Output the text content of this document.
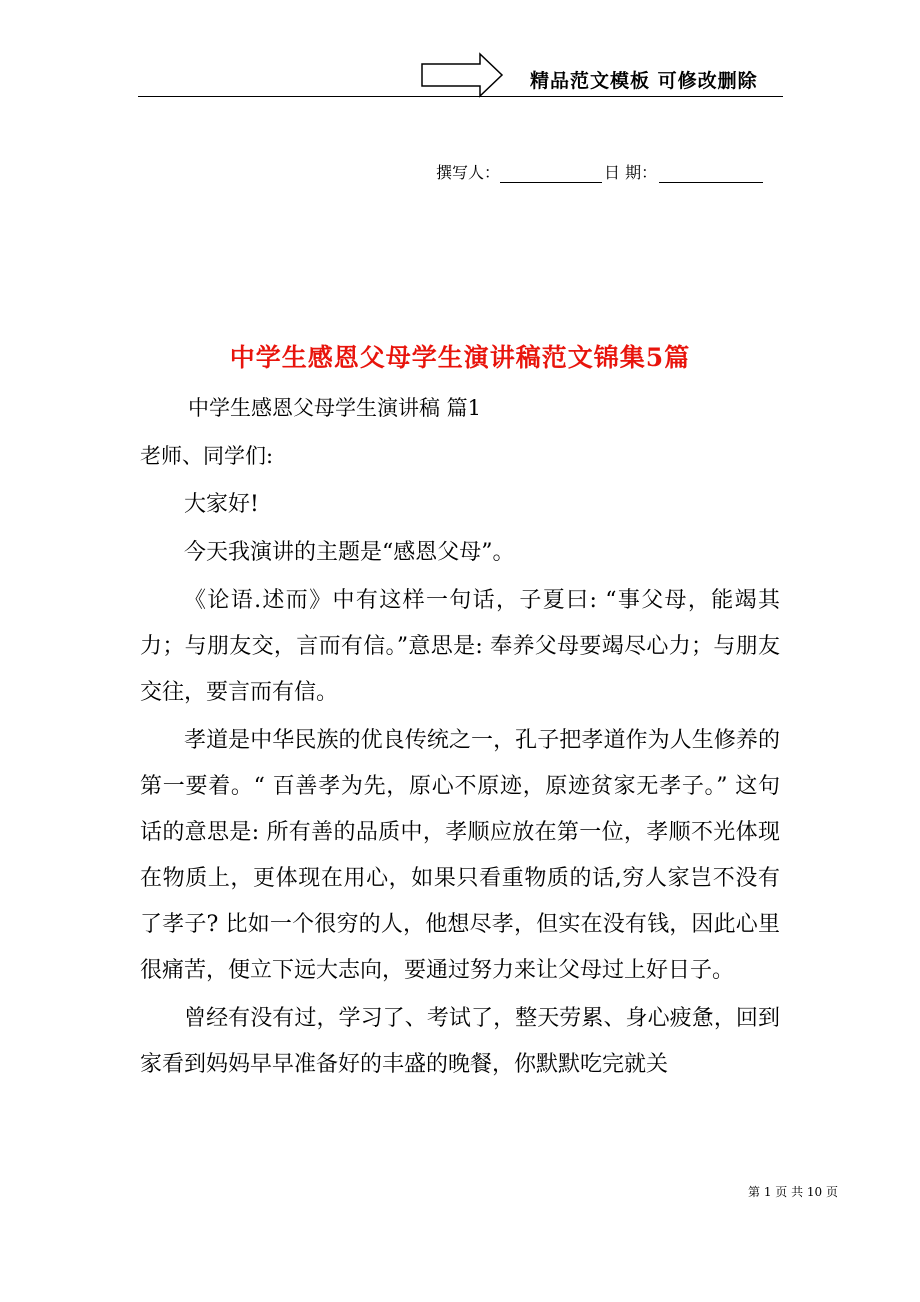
精品范文模板 可修改删除
撰写人：	日 期：
中学生感恩父母学生演讲稿范文锦集5篇
中学生感恩父母学生演讲稿 篇1
老师、同学们:

大家好!

今天我演讲的主题是“感恩父母”。

《论语.述而》中有这样一句话，子夏曰: “事父母，能竭其力；与朋友交，言而有信。”意思是: 奉养父母要竭尽心力；与朋友交往，要言而有信。

孝道是中华民族的优良传统之一，孔子把孝道作为人生修养的第一要着。“ 百善孝为先，原心不原迹，原迹贫家无孝子。” 这句话的意思是: 所有善的品质中，孝顺应放在第一位，孝顺不光体现在物质上，更体现在用心，如果只看重物质的话,穷人家岂不没有了孝子? 比如一个很穷的人，他想尽孝，但实在没有钱，因此心里很痛苦，便立下远大志向，要通过努力来让父母过上好日子。

曾经有没有过，学习了、考试了，整天劳累、身心疲惫，回到家看到妈妈早早准备好的丰盛的晚餐，你默默吃完就关

第 1 页 共 10 页
